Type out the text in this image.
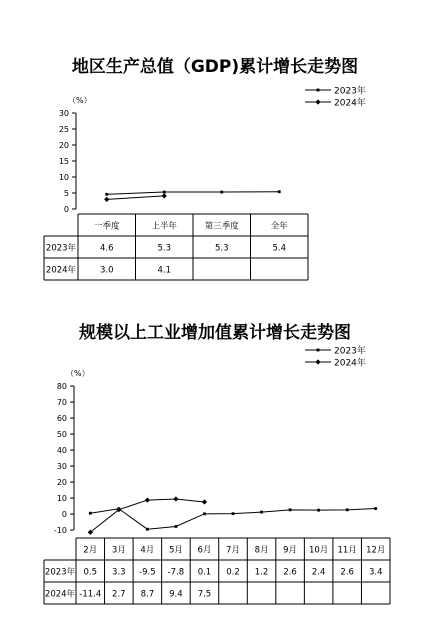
地区生产总值（GDP)累计增长走势图
（%）
0
5
10
15
20
25
30
2023年
2024年
一季度	上半年	第三季度	全年
2023年	4.6	5.3	5.3	5.4
2024年	3.0	4.1
规模以上工业增加值累计增长走势图
（%）
-10
0
10
20
30
40
50
60
70
80
2023年
2024年
2月 3月 4月 5月 6月 7月 8月 9月 10月 11月 12月
2023年 0.5 3.3 -9.5 -7.8 0.1 0.2 1.2 2.6 2.4 2.6 3.4
2024年 -11.4 2.7 8.7 9.4 7.5
